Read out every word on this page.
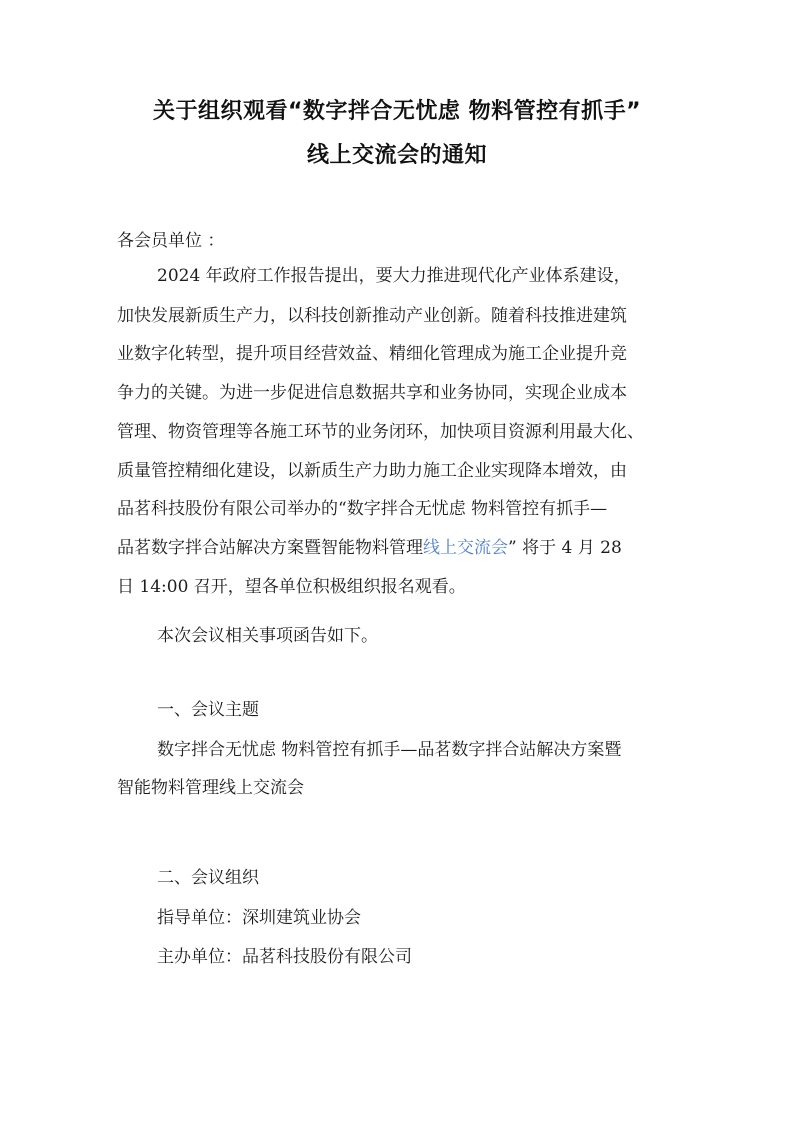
关于组织观看“数字拌合无忧虑 物料管控有抓手”
线上交流会的通知
各会员单位 ：
2024 年政府工作报告提出，要大力推进现代化产业体系建设，
加快发展新质生产力，以科技创新推动产业创新。随着科技推进建筑
业数字化转型，提升项目经营效益、精细化管理成为施工企业提升竞
争力的关键。为进一步促进信息数据共享和业务协同，实现企业成本
管理、物资管理等各施工环节的业务闭环，加快项目资源利用最大化、
质量管控精细化建设，以新质生产力助力施工企业实现降本增效，由
品茗科技股份有限公司举办的“数字拌合无忧虑 物料管控有抓手—
品茗数字拌合站解决方案暨智能物料管理线上交流会” 将于 4 月 28
日 14:00 召开，望各单位积极组织报名观看。
本次会议相关事项函告如下。
一、会议主题
数字拌合无忧虑 物料管控有抓手—品茗数字拌合站解决方案暨
智能物料管理线上交流会
二、会议组织
指导单位：深圳建筑业协会
主办单位：品茗科技股份有限公司
